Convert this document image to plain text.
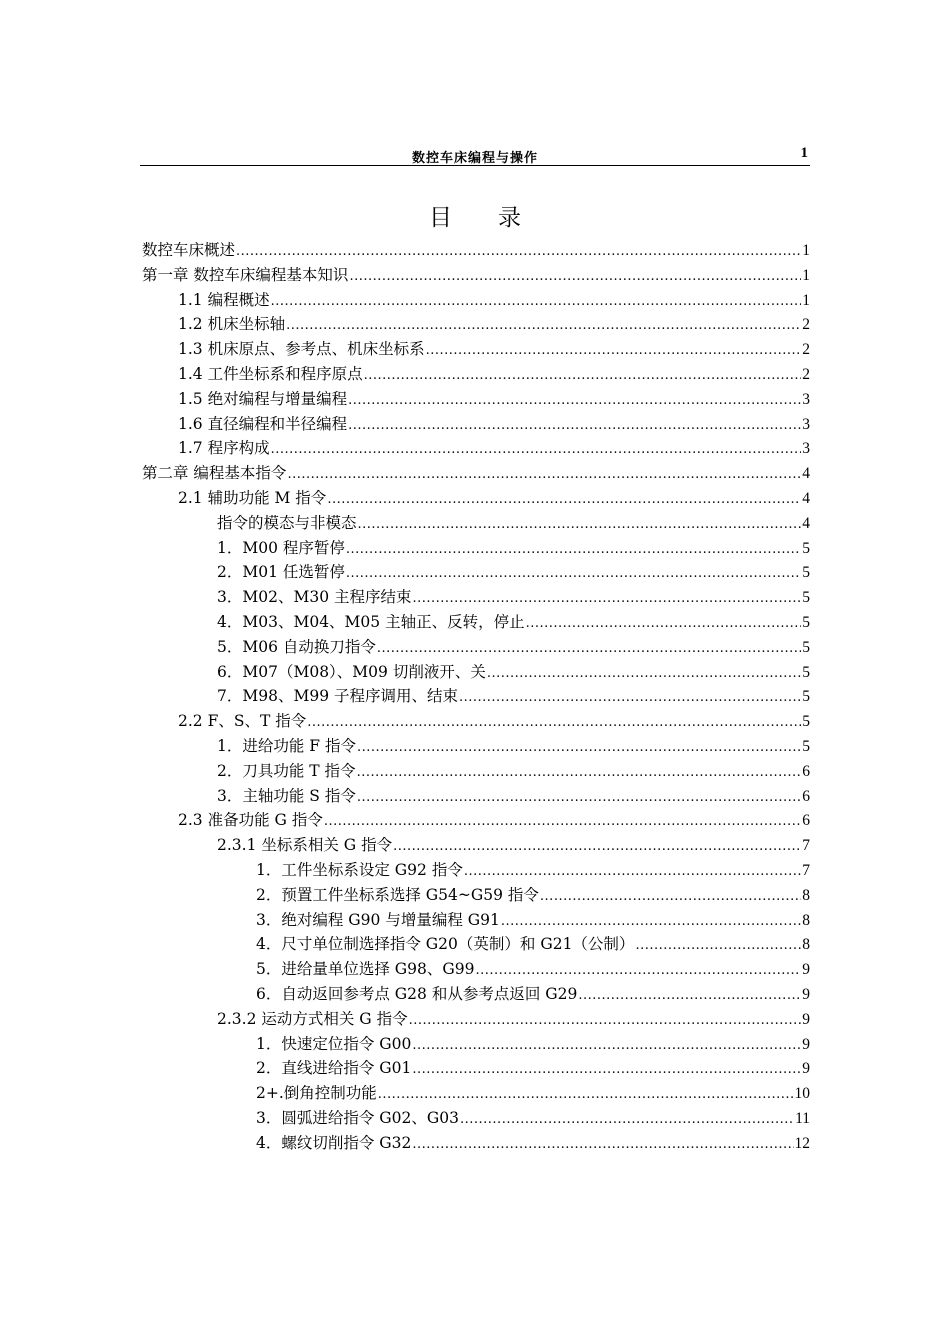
数控车床编程与操作	1
目录
数控车床概述 .....	1
第一章 数控车床编程基本知识 .....	1
1.1 编程概述 .....	1
1.2 机床坐标轴 .....	2
1.3 机床原点、参考点、机床坐标系 .....	2
1.4 工件坐标系和程序原点 .....	2
1.5 绝对编程与增量编程 .....	3
1.6 直径编程和半径编程 .....	3
1.7 程序构成 .....	3
第二章 编程基本指令 .....	4
2.1 辅助功能 M 指令 .....	4
指令的模态与非模态 .....	4
1．M00 程序暂停 .....	5
2．M01 任选暂停 .....	5
3．M02、M30 主程序结束 .....	5
4．M03、M04、M05 主轴正、反转，停止 .....	5
5．M06 自动换刀指令 .....	5
6．M07（M08）、M09 切削液开、关 .....	5
7．M98、M99 子程序调用、结束 .....	5
2.2 F、S、T 指令 .....	5
1．进给功能 F 指令 .....	5
2．刀具功能 T 指令 .....	6
3．主轴功能 S 指令 .....	6
2.3 准备功能 G 指令 .....	6
2.3.1 坐标系相关 G 指令 .....	7
1．工件坐标系设定 G92 指令 .....	7
2．预置工件坐标系选择 G54~G59 指令 .....	8
3．绝对编程 G90 与增量编程 G91 .....	8
4．尺寸单位制选择指令 G20（英制）和 G21（公制） .....	8
5．进给量单位选择 G98、G99 .....	9
6．自动返回参考点 G28 和从参考点返回 G29 .....	9
2.3.2 运动方式相关 G 指令 .....	9
1．快速定位指令 G00 .....	9
2．直线进给指令 G01 .....	9
2+.倒角控制功能 .....	10
3．圆弧进给指令 G02、G03 .....	11
4．螺纹切削指令 G32 .....	12
